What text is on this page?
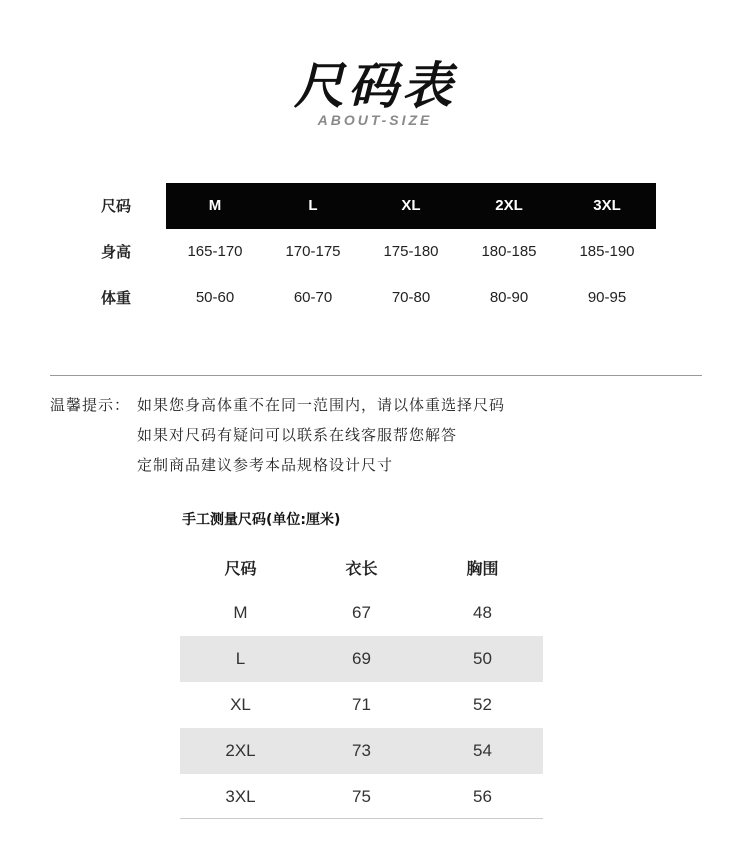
尺码表
ABOUT-SIZE
尺码	M	L	XL	2XL	3XL
身高	165-170	170-175	175-180	180-185	185-190
体重	50-60	60-70	70-80	80-90	90-95
温馨提示： 如果您身高体重不在同一范围内，请以体重选择尺码
如果对尺码有疑问可以联系在线客服帮您解答
定制商品建议参考本品规格设计尺寸
手工测量尺码(单位:厘米)
尺码	衣长	胸围
M	67	48
L	69	50
XL	71	52
2XL	73	54
3XL	75	56
